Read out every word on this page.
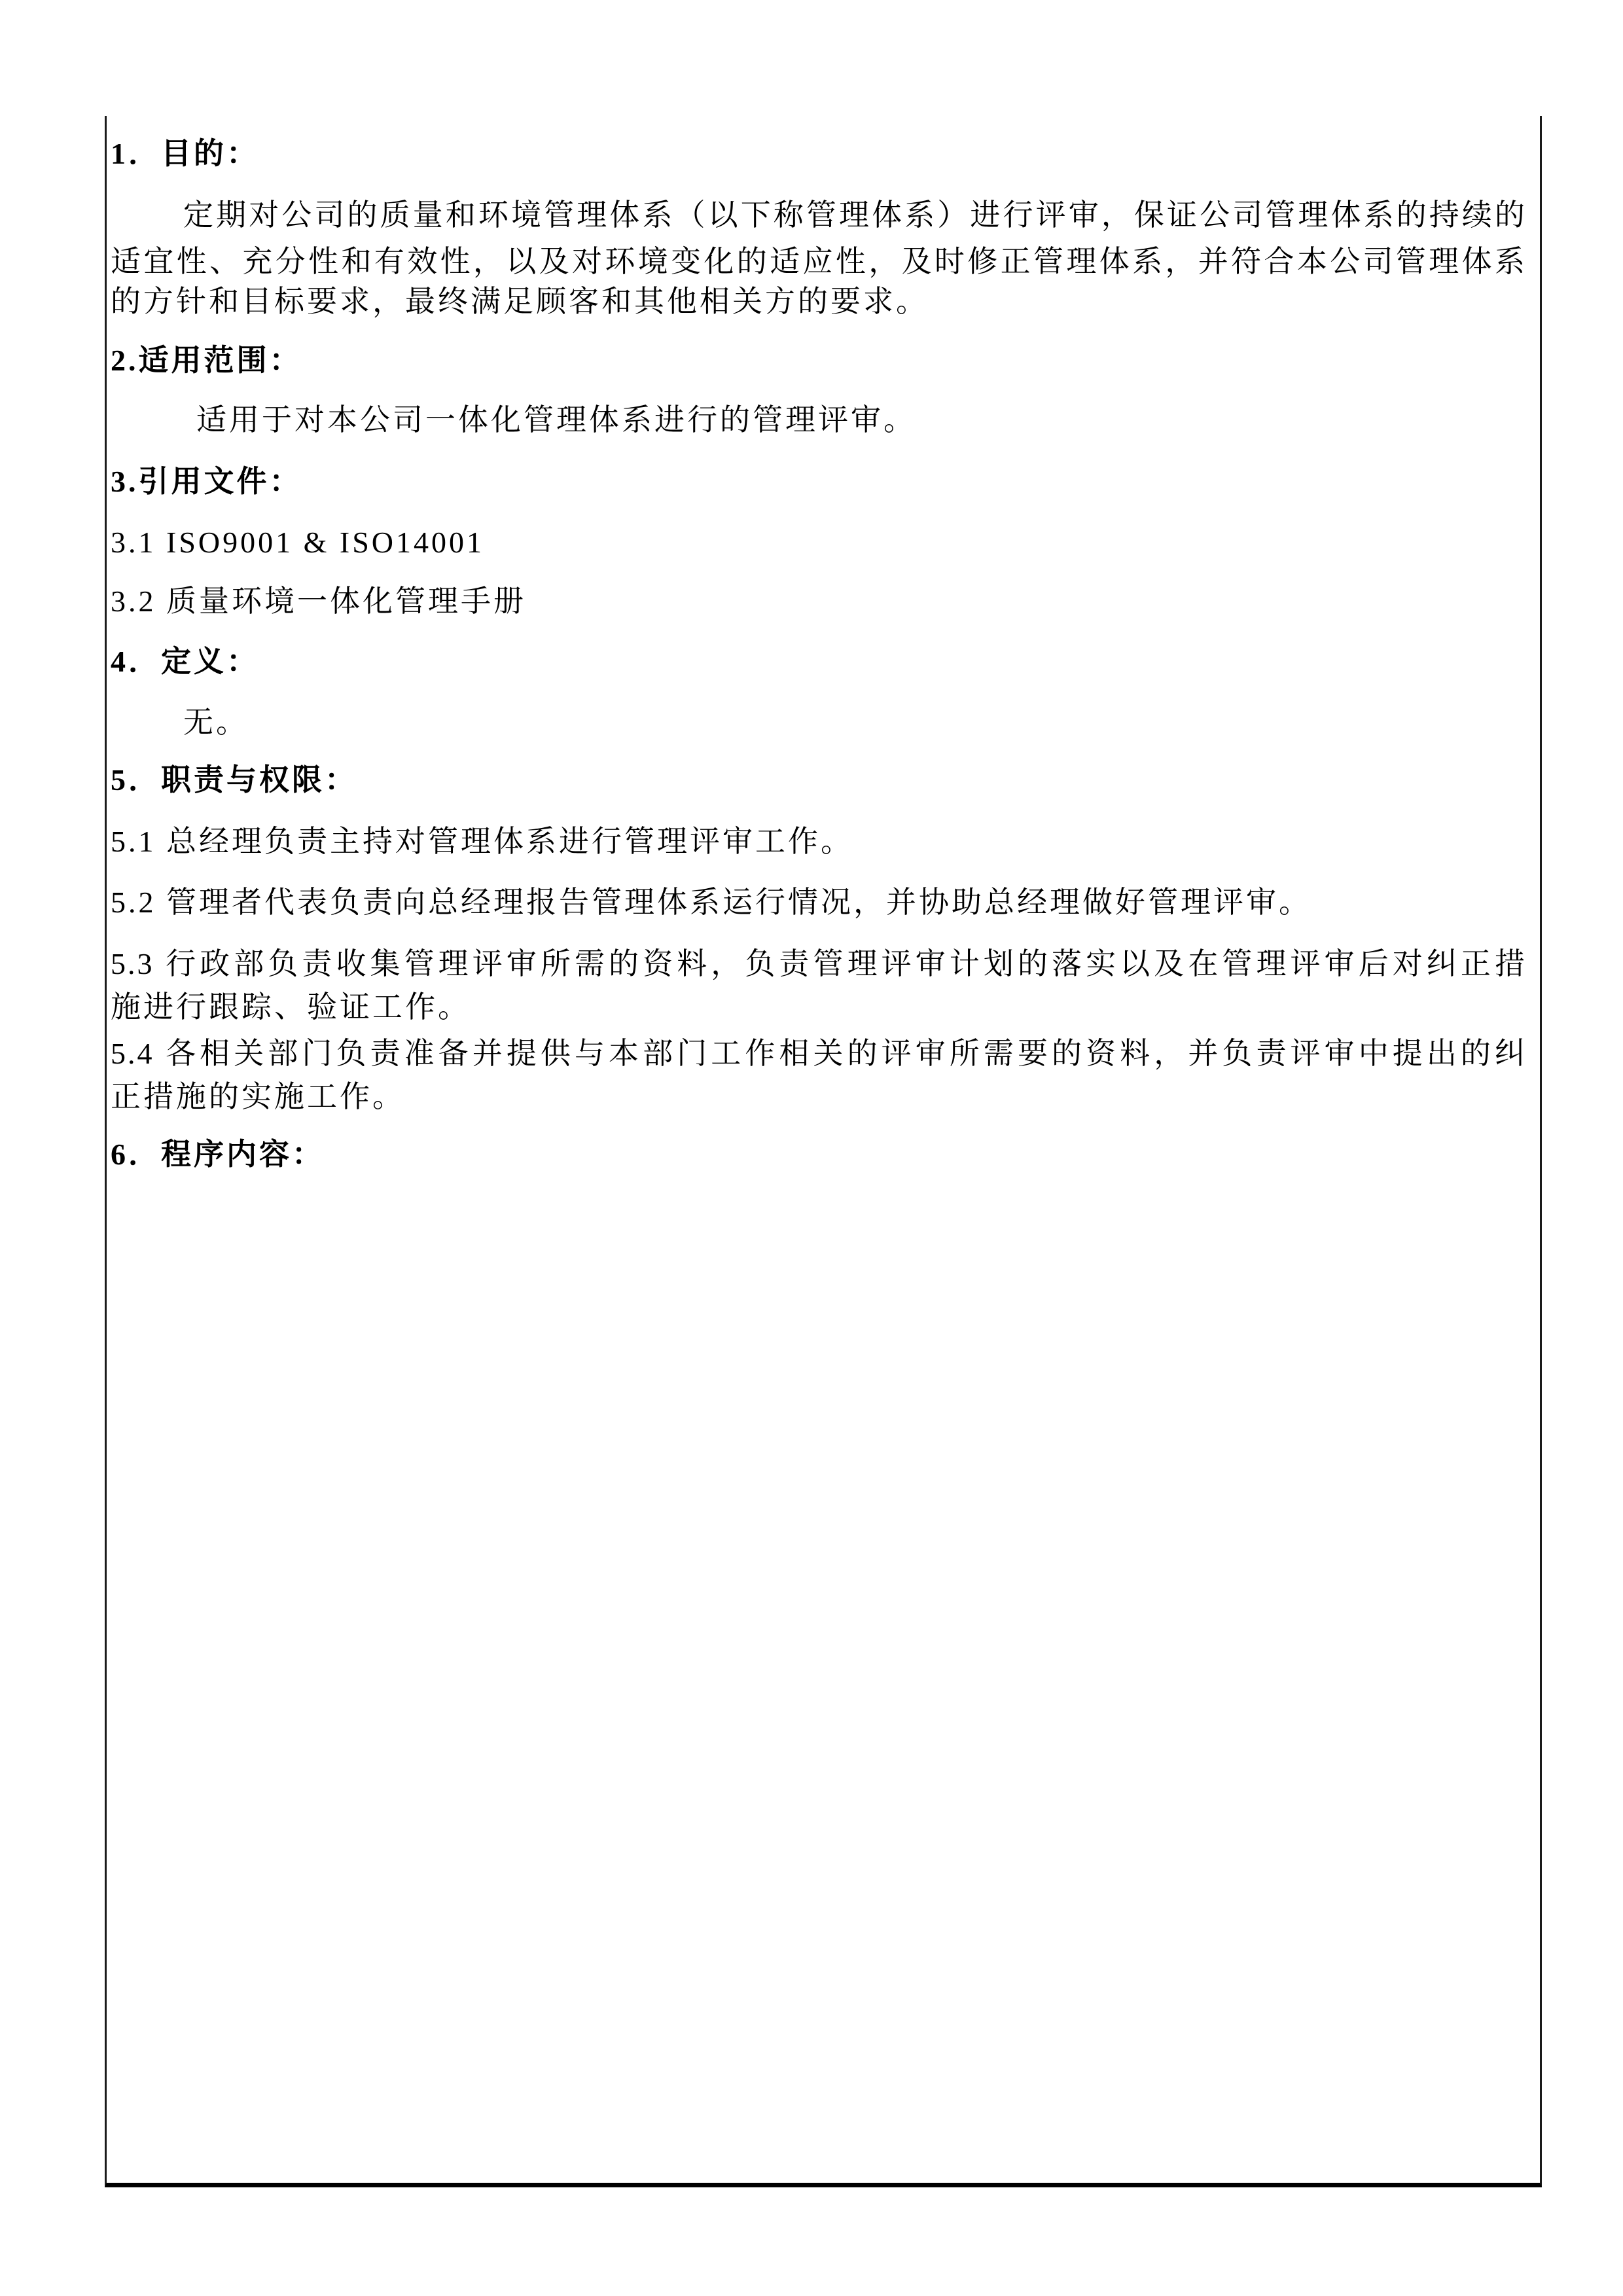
1．目的：
定期对公司的质量和环境管理体系（以下称管理体系）进行评审，保证公司管理体系的持续的
适宜性、充分性和有效性，以及对环境变化的适应性，及时修正管理体系，并符合本公司管理体系
的方针和目标要求，最终满足顾客和其他相关方的要求。
2.适用范围：
适用于对本公司一体化管理体系进行的管理评审。
3.引用文件：
3.1 ISO9001 & ISO14001
3.2 质量环境一体化管理手册
4．定义：
无。
5．职责与权限：
5.1 总经理负责主持对管理体系进行管理评审工作。
5.2 管理者代表负责向总经理报告管理体系运行情况，并协助总经理做好管理评审。
5.3 行政部负责收集管理评审所需的资料，负责管理评审计划的落实以及在管理评审后对纠正措
施进行跟踪、验证工作。
5.4 各相关部门负责准备并提供与本部门工作相关的评审所需要的资料，并负责评审中提出的纠
正措施的实施工作。
6．程序内容：
